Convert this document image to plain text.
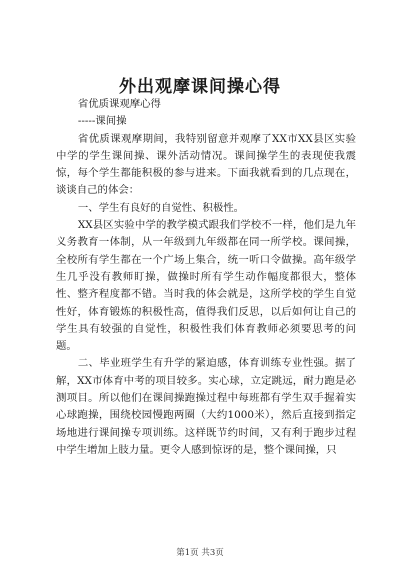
外出观摩课间操心得

省优质课观摩心得

-----课间操

省优质课观摩期间，我特别留意并观摩了XX市XX县区实验中学的学生课间操、课外活动情况。课间操学生的表现使我震惊，每个学生都能积极的参与进来。下面我就看到的几点现在，谈谈自己的体会：

一、学生有良好的自觉性、积极性。

XX县区实验中学的教学模式跟我们学校不一样，他们是九年义务教育一体制，从一年级到九年级都在同一所学校。课间操，全校所有学生都在一个广场上集合，统一听口令做操。高年级学生几乎没有教师盯操，做操时所有学生动作幅度都很大，整体性、整齐程度都不错。当时我的体会就是，这所学校的学生自觉性好，体育锻炼的积极性高，值得我们反思，以后如何让自己的学生具有较强的自觉性，积极性我们体育教师必须要思考的问题。

二、毕业班学生有升学的紧迫感，体育训练专业性强。据了解，XX市体育中考的项目较多。实心球，立定跳远，耐力跑是必测项目。所以他们在课间操跑操过程中每班都有学生双手握着实心球跑操，围绕校园慢跑两圈（大约1000米），然后直接到指定场地进行课间操专项训练。这样既节约时间，又有利于跑步过程中学生增加上肢力量。更令人感到惊讶的是，整个课间操，只

第1页 共3页
